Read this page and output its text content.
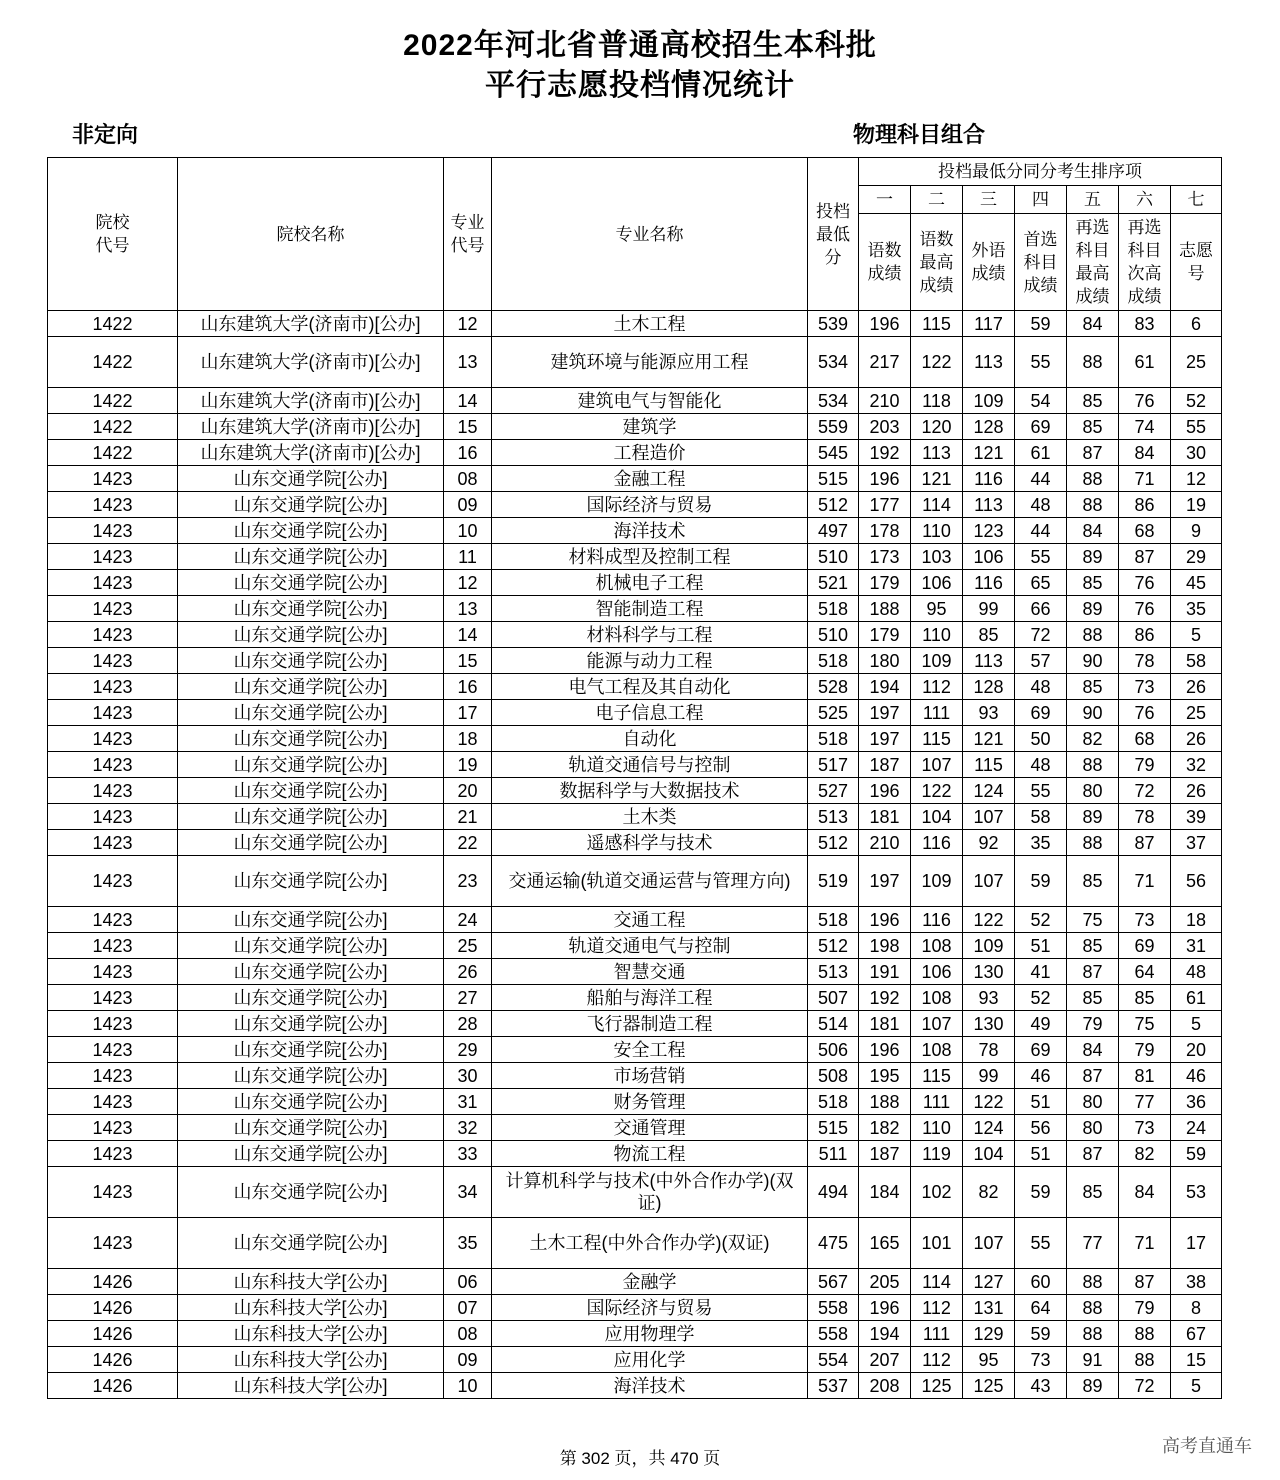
2022年河北省普通高校招生本科批
平行志愿投档情况统计
非定向	物理科目组合
院校代号	院校名称	专业代号	专业名称	投档最低分	投档最低分同分考生排序项						
					一	二	三	四	五	六	七

					语数成绩	语数最高成绩	外语成绩	首选科目成绩	再选科目最高成绩	再选科目次高成绩	志愿号

1422	山东建筑大学(济南市)[公办]	12	土木工程	539	196	115	117	59	84	83	6
1422	山东建筑大学(济南市)[公办]	13	建筑环境与能源应用工程	534	217	122	113	55	88	61	25
1422	山东建筑大学(济南市)[公办]	14	建筑电气与智能化	534	210	118	109	54	85	76	52
1422	山东建筑大学(济南市)[公办]	15	建筑学	559	203	120	128	69	85	74	55
1422	山东建筑大学(济南市)[公办]	16	工程造价	545	192	113	121	61	87	84	30
1423	山东交通学院[公办]	08	金融工程	515	196	121	116	44	88	71	12
1423	山东交通学院[公办]	09	国际经济与贸易	512	177	114	113	48	88	86	19
1423	山东交通学院[公办]	10	海洋技术	497	178	110	123	44	84	68	9
1423	山东交通学院[公办]	11	材料成型及控制工程	510	173	103	106	55	89	87	29
1423	山东交通学院[公办]	12	机械电子工程	521	179	106	116	65	85	76	45
1423	山东交通学院[公办]	13	智能制造工程	518	188	95	99	66	89	76	35
1423	山东交通学院[公办]	14	材料科学与工程	510	179	110	85	72	88	86	5
1423	山东交通学院[公办]	15	能源与动力工程	518	180	109	113	57	90	78	58
1423	山东交通学院[公办]	16	电气工程及其自动化	528	194	112	128	48	85	73	26
1423	山东交通学院[公办]	17	电子信息工程	525	197	111	93	69	90	76	25
1423	山东交通学院[公办]	18	自动化	518	197	115	121	50	82	68	26
1423	山东交通学院[公办]	19	轨道交通信号与控制	517	187	107	115	48	88	79	32
1423	山东交通学院[公办]	20	数据科学与大数据技术	527	196	122	124	55	80	72	26
1423	山东交通学院[公办]	21	土木类	513	181	104	107	58	89	78	39
1423	山东交通学院[公办]	22	遥感科学与技术	512	210	116	92	35	88	87	37
1423	山东交通学院[公办]	23	交通运输(轨道交通运营与管理方向)	519	197	109	107	59	85	71	56
1423	山东交通学院[公办]	24	交通工程	518	196	116	122	52	75	73	18
1423	山东交通学院[公办]	25	轨道交通电气与控制	512	198	108	109	51	85	69	31
1423	山东交通学院[公办]	26	智慧交通	513	191	106	130	41	87	64	48
1423	山东交通学院[公办]	27	船舶与海洋工程	507	192	108	93	52	85	85	61
1423	山东交通学院[公办]	28	飞行器制造工程	514	181	107	130	49	79	75	5
1423	山东交通学院[公办]	29	安全工程	506	196	108	78	69	84	79	20
1423	山东交通学院[公办]	30	市场营销	508	195	115	99	46	87	81	46
1423	山东交通学院[公办]	31	财务管理	518	188	111	122	51	80	77	36
1423	山东交通学院[公办]	32	交通管理	515	182	110	124	56	80	73	24
1423	山东交通学院[公办]	33	物流工程	511	187	119	104	51	87	82	59
1423	山东交通学院[公办]	34	计算机科学与技术(中外合作办学)(双证)	494	184	102	82	59	85	84	53
1423	山东交通学院[公办]	35	土木工程(中外合作办学)(双证)	475	165	101	107	55	77	71	17
1426	山东科技大学[公办]	06	金融学	567	205	114	127	60	88	87	38
1426	山东科技大学[公办]	07	国际经济与贸易	558	196	112	131	64	88	79	8
1426	山东科技大学[公办]	08	应用物理学	558	194	111	129	59	88	88	67
1426	山东科技大学[公办]	09	应用化学	554	207	112	95	73	91	88	15
1426	山东科技大学[公办]	10	海洋技术	537	208	125	125	43	89	72	5
第 302 页，共 470 页
高考直通车
